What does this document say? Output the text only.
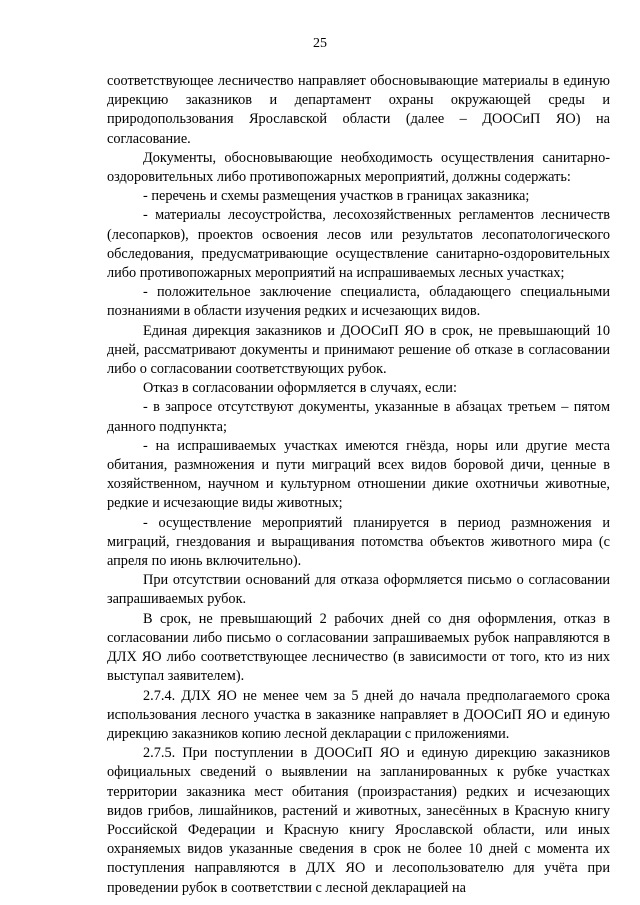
25

соответствующее лесничество направляет обосновывающие материалы в единую дирекцию заказников и департамент охраны окружающей среды и природопользования Ярославской области (далее – ДООСиП ЯО) на согласование.

Документы, обосновывающие необходимость осуществления санитарно-оздоровительных либо противопожарных мероприятий, должны содержать:

- перечень и схемы размещения участков в границах заказника;

- материалы лесоустройства, лесохозяйственных регламентов лесничеств (лесопарков), проектов освоения лесов или результатов лесопатологического обследования, предусматривающие осуществление санитарно-оздоровительных либо противопожарных мероприятий на испрашиваемых лесных участках;

- положительное заключение специалиста, обладающего специальными познаниями в области изучения редких и исчезающих видов.

Единая дирекция заказников и ДООСиП ЯО в срок, не превышающий 10 дней, рассматривают документы и принимают решение об отказе в согласовании либо о согласовании соответствующих рубок.

Отказ в согласовании оформляется в случаях, если:

- в запросе отсутствуют документы, указанные в абзацах третьем – пятом данного подпункта;

- на испрашиваемых участках имеются гнёзда, норы или другие места обитания, размножения и пути миграций всех видов боровой дичи, ценные в хозяйственном, научном и культурном отношении дикие охотничьи животные, редкие и исчезающие виды животных;

- осуществление мероприятий планируется в период размножения и миграций, гнездования и выращивания потомства объектов животного мира (с апреля по июнь включительно).

При отсутствии оснований для отказа оформляется письмо о согласовании запрашиваемых рубок.

В срок, не превышающий 2 рабочих дней со дня оформления, отказ в согласовании либо письмо о согласовании запрашиваемых рубок направляются в ДЛХ ЯО либо соответствующее лесничество (в зависимости от того, кто из них выступал заявителем).

2.7.4. ДЛХ ЯО не менее чем за 5 дней до начала предполагаемого срока использования лесного участка в заказнике направляет в ДООСиП ЯО и единую дирекцию заказников копию лесной декларации с приложениями.

2.7.5. При поступлении в ДООСиП ЯО и единую дирекцию заказников официальных сведений о выявлении на запланированных к рубке участках территории заказника мест обитания (произрастания) редких и исчезающих видов грибов, лишайников, растений и животных, занесённых в Красную книгу Российской Федерации и Красную книгу Ярославской области, или иных охраняемых видов указанные сведения в срок не более 10 дней с момента их поступления направляются в ДЛХ ЯО и лесопользователю для учёта при проведении рубок в соответствии с лесной декларацией на
